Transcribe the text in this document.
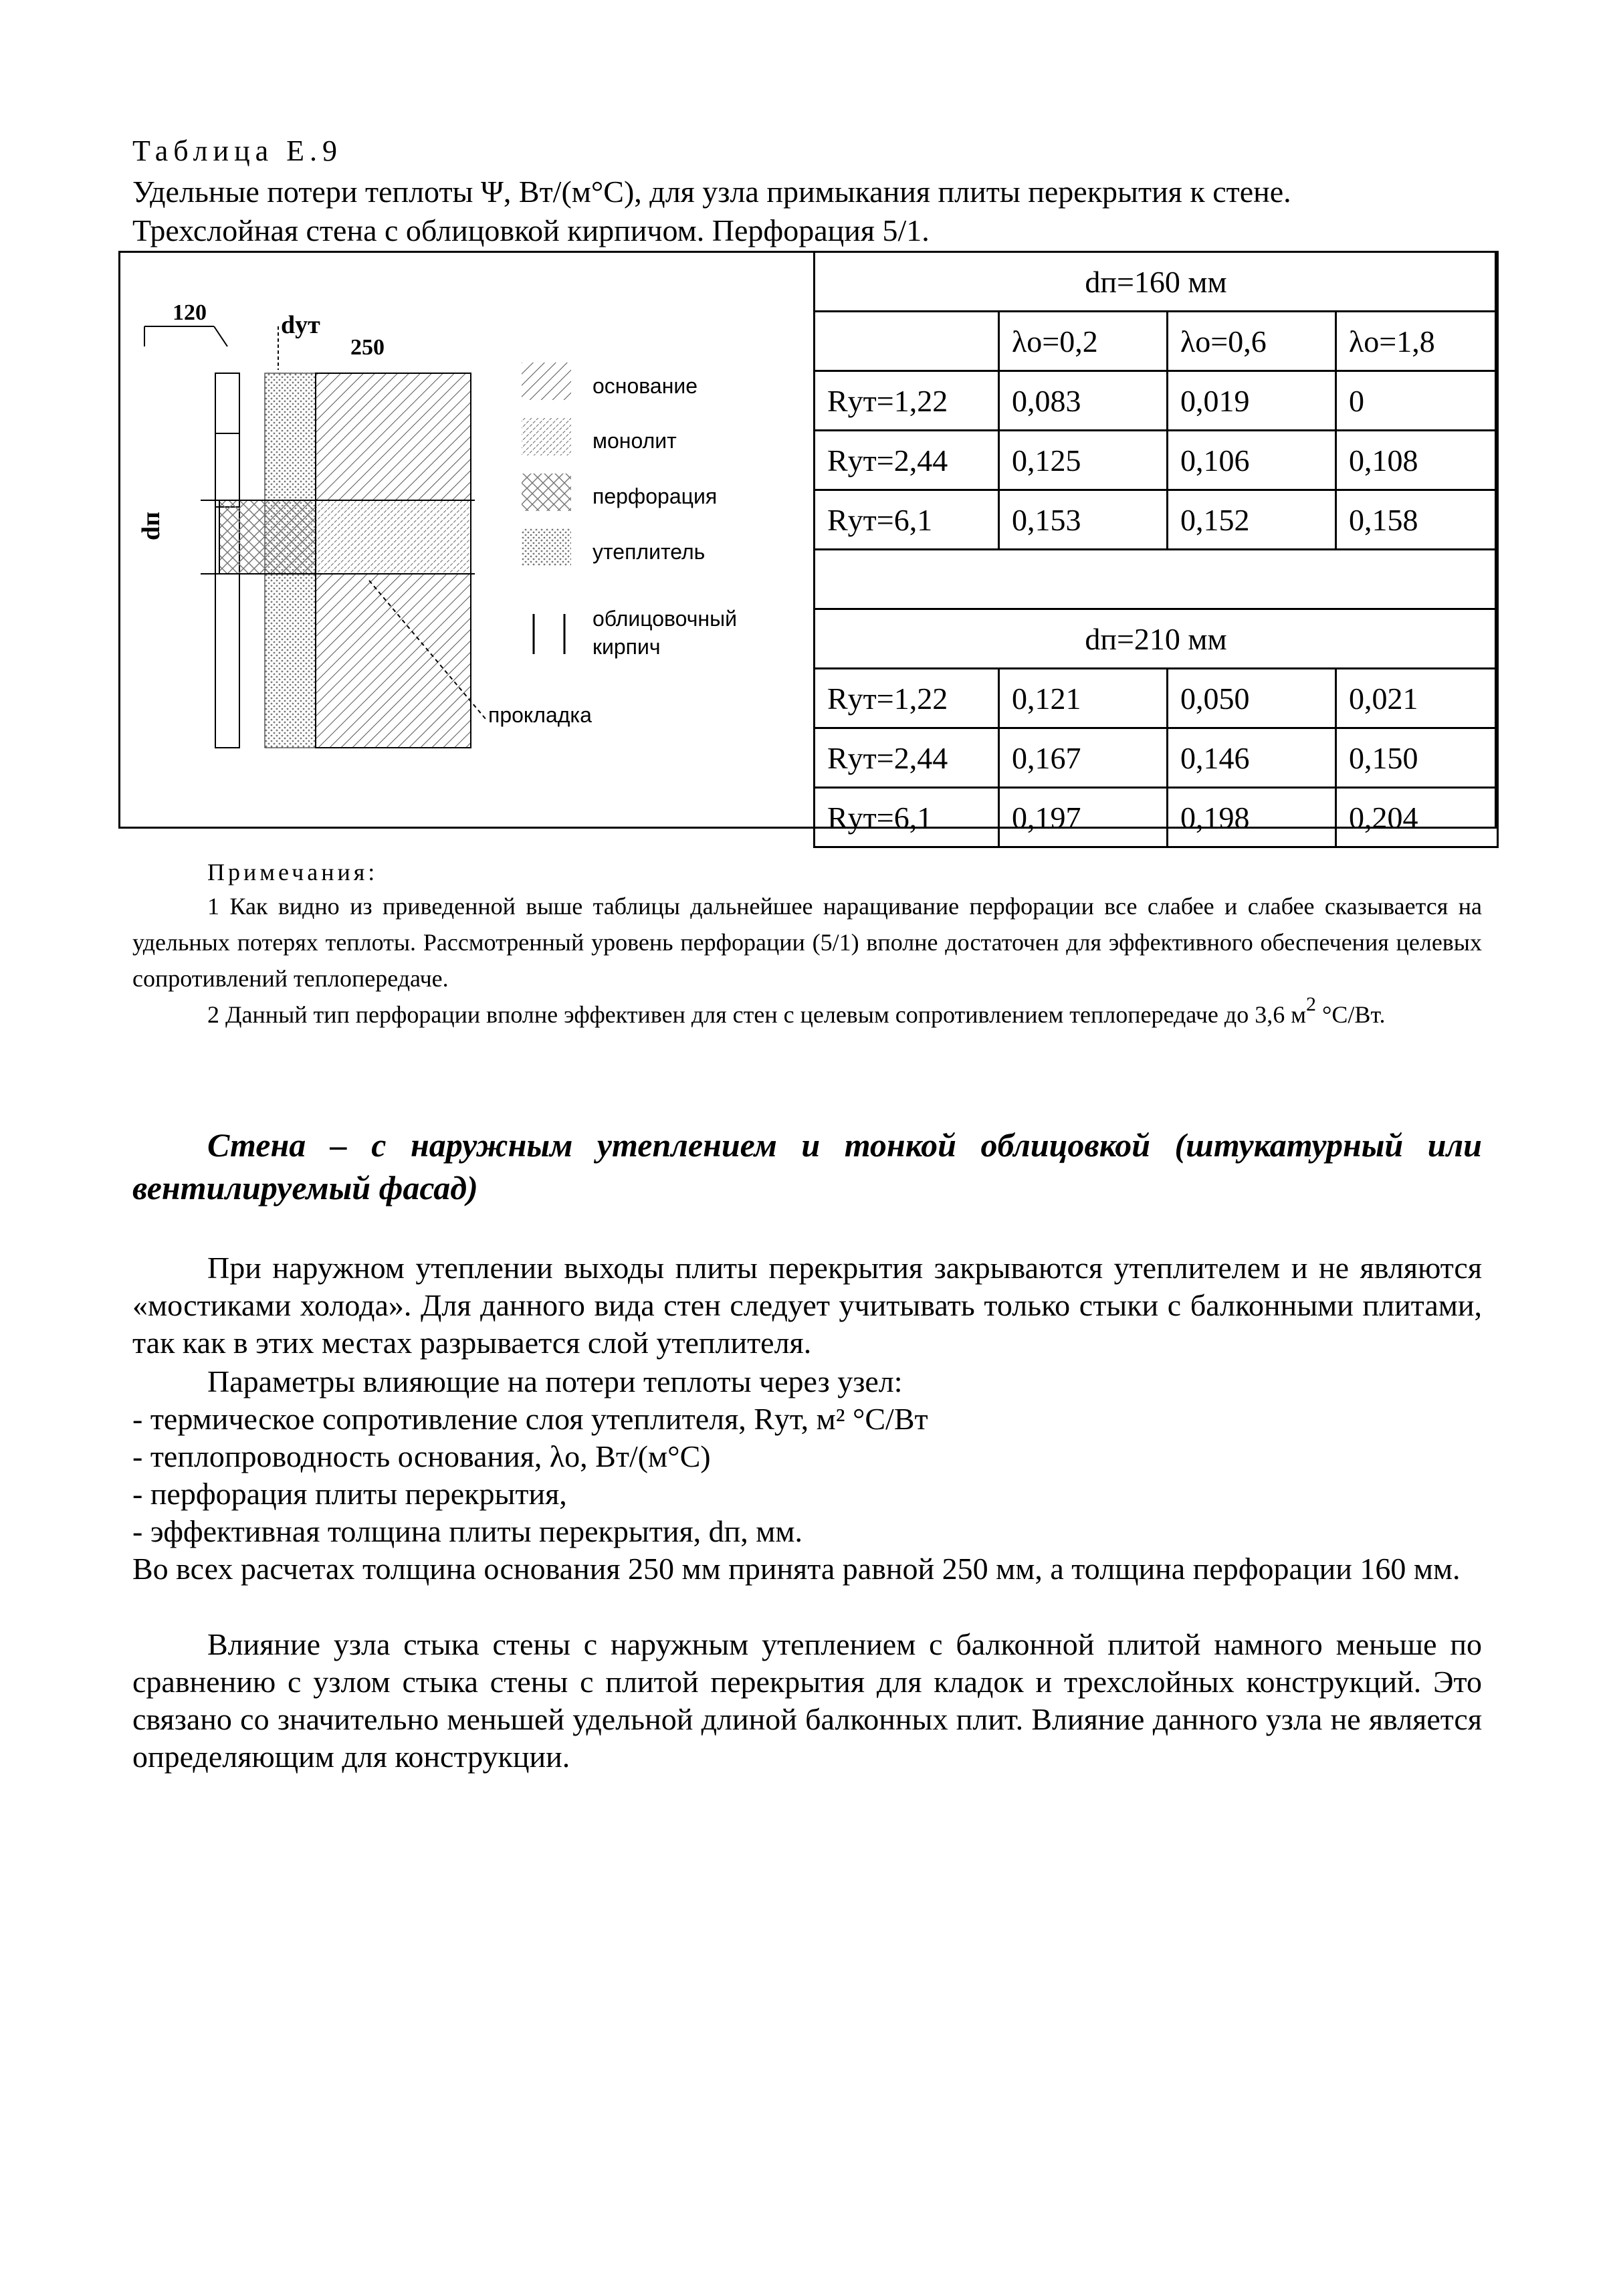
Таблица Е.9
Удельные потери теплоты Ψ, Вт/(м°С), для узла примыкания плиты перекрытия к стене.
Трехслойная стена с облицовкой кирпичом. Перфорация 5/1.
120	dут
250
dп
прокладка
основание
монолит
перфорация
утеплитель
облицовочный
кирпич
dп=160 мм			
	λо=0,2	λо=0,6	λо=1,8
Rут=1,22	0,083	0,019	0
Rут=2,44	0,125	0,106	0,108
Rут=6,1	0,153	0,152	0,158

dп=210 мм			
Rут=1,22	0,121	0,050	0,021
Rут=2,44	0,167	0,146	0,150
Rут=6,1	0,197	0,198	0,204
Примечания:
1 Как видно из приведенной выше таблицы дальнейшее наращивание перфорации все слабее и слабее сказывается на удельных потерях теплоты. Рассмотренный уровень перфорации (5/1) вполне достаточен для эффективного обеспечения целевых сопротивлений теплопередаче.
2 Данный тип перфорации вполне эффективен для стен с целевым сопротивлением теплопередаче до 3,6 $м^2$ °С/Вт.
Стена – с наружным утеплением и тонкой облицовкой (штукатурный или вентилируемый фасад)
При наружном утеплении выходы плиты перекрытия закрываются утеплителем и не являются «мостиками холода». Для данного вида стен следует учитывать только стыки с балконными плитами, так как в этих местах разрывается слой утеплителя.
Параметры влияющие на потери теплоты через узел:
- термическое сопротивление слоя утеплителя, Rут, м² °С/Вт
- теплопроводность основания, λо, Вт/(м°С)
- перфорация плиты перекрытия,
- эффективная толщина плиты перекрытия, dп, мм.
Во всех расчетах толщина основания 250 мм принята равной 250 мм, а толщина перфорации 160 мм.
Влияние узла стыка стены с наружным утеплением с балконной плитой намного меньше по сравнению с узлом стыка стены с плитой перекрытия для кладок и трехслойных конструкций. Это связано со значительно меньшей удельной длиной балконных плит. Влияние данного узла не является определяющим для конструкции.
